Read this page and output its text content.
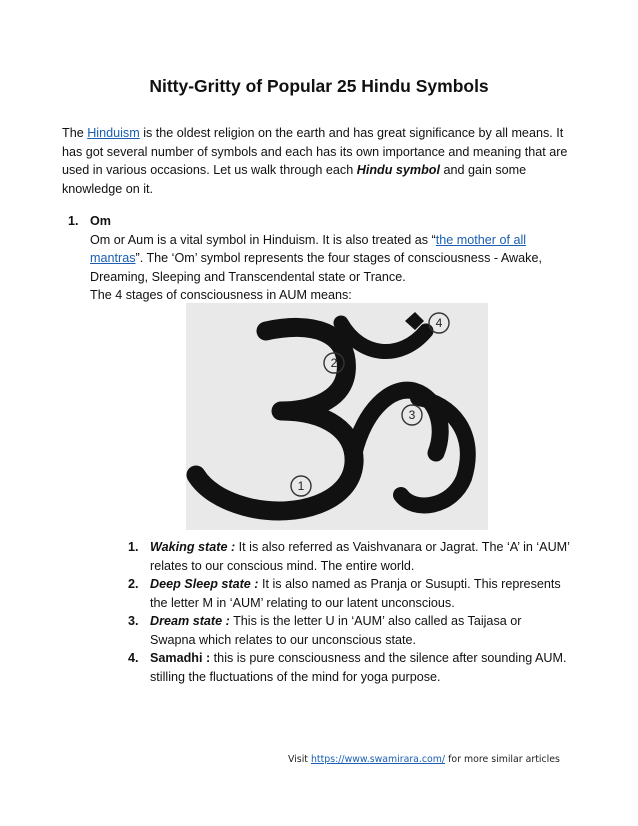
Nitty-Gritty of Popular 25 Hindu Symbols

The Hinduism is the oldest religion on the earth and has great significance by all means. It has got several number of symbols and each has its own importance and meaning that are used in various occasions. Let us walk through each Hindu symbol and gain some knowledge on it.

1. Om
Om or Aum is a vital symbol in Hinduism. It is also treated as “the mother of all mantras”. The ‘Om’ symbol represents the four stages of consciousness - Awake, Dreaming, Sleeping and Transcendental state or Trance.
The 4 stages of consciousness in AUM means:
1
2
3
4
1. Waking state : It is also referred as Vaishvanara or Jagrat. The ‘A’ in ‘AUM’ relates to our conscious mind. The entire world.
2. Deep Sleep state : It is also named as Pranja or Susupti. This represents the letter M in ‘AUM’ relating to our latent unconscious.
3. Dream state : This is the letter U in ‘AUM’ also called as Taijasa or Swapna which relates to our unconscious state.
4. Samadhi : this is pure consciousness and the silence after sounding AUM. stilling the fluctuations of the mind for yoga purpose.
Visit https://www.swamirara.com/ for more similar articles
